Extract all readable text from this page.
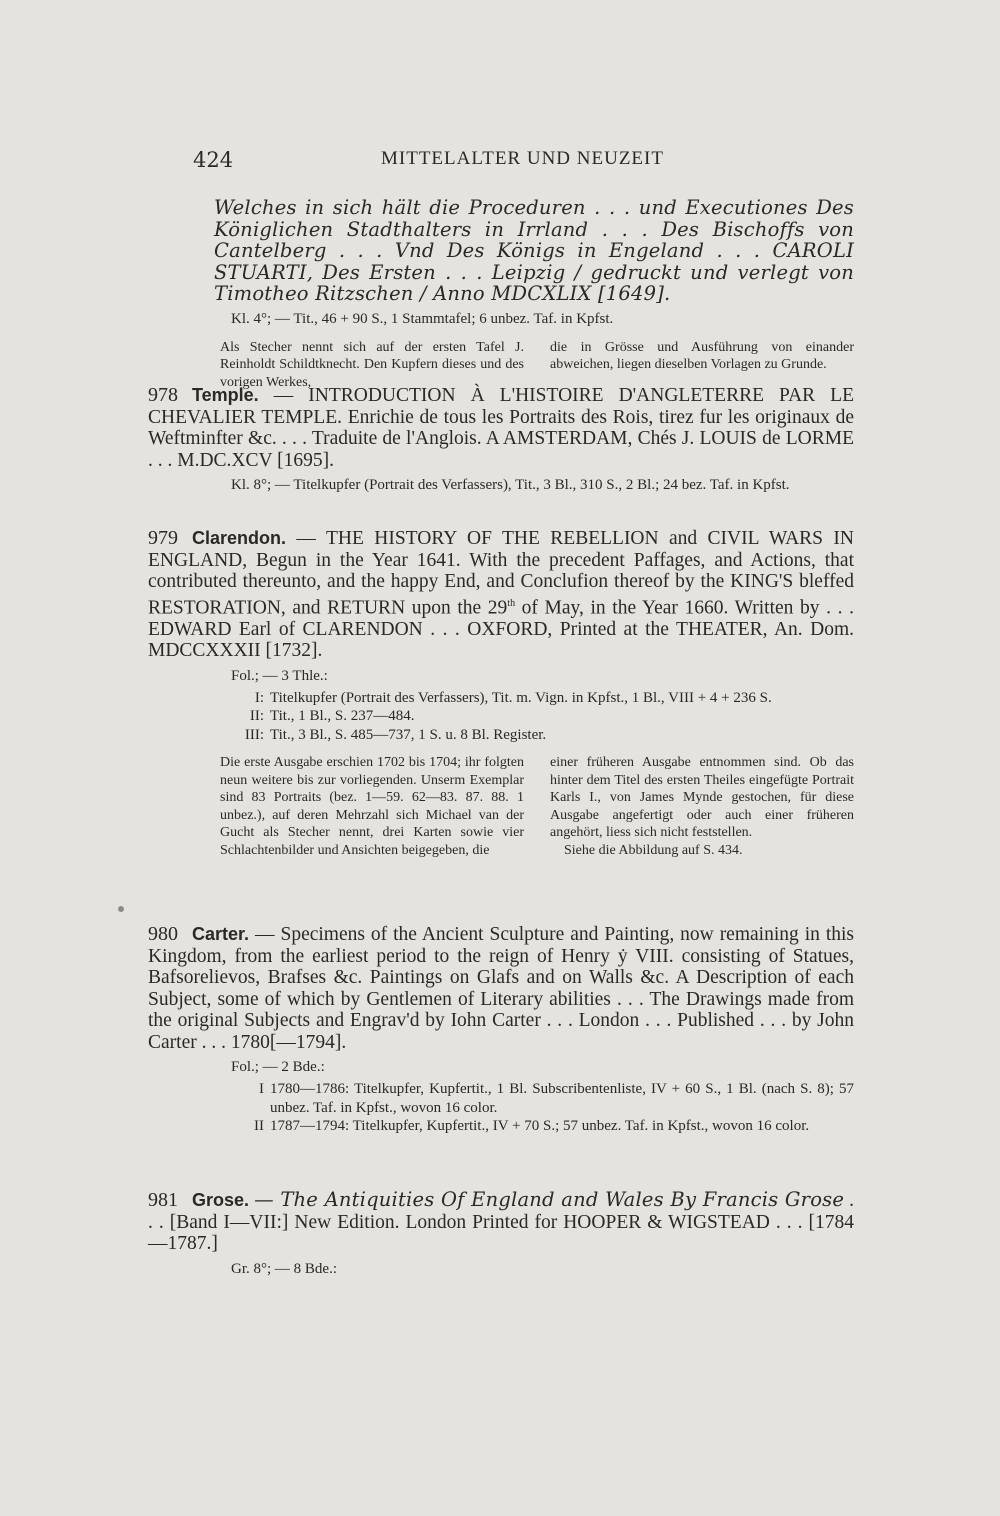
424	MITTELALTER UND NEUZEIT
Welches in sich hält die Proceduren . . . und Executiones Des Königlichen Stadthalters in Irrland . . . Des Bischoffs von Cantelberg . . . Vnd Des Königs in Engeland . . . CAROLI STUARTI, Des Ersten . . . Leipzig / gedruckt und verlegt von Timotheo Ritzschen / Anno MDCXLIX [1649].
Kl. 4°; — Tit., 46 + 90 S., 1 Stammtafel; 6 unbez. Taf. in Kpfst.
Als Stecher nennt sich auf der ersten Tafel J. Reinholdt Schildtknecht. Den Kupfern dieses und des vorigen Werkes,
die in Grösse und Ausführung von einander abweichen, liegen dieselben Vorlagen zu Grunde.
978 Temple. — INTRODUCTION À L'HISTOIRE D'ANGLETERRE PAR LE CHEVALIER TEMPLE. Enrichie de tous les Portraits des Rois, tirez fur les originaux de Weftminfter &c. . . . Traduite de l'Anglois. A AMSTERDAM, Chés J. LOUIS de LORME . . . M.DC.XCV [1695].
Kl. 8°; — Titelkupfer (Portrait des Verfassers), Tit., 3 Bl., 310 S., 2 Bl.; 24 bez. Taf. in Kpfst.
979 Clarendon. — THE HISTORY OF THE REBELLION and CIVIL WARS IN ENGLAND, Begun in the Year 1641. With the precedent Paffages, and Actions, that contributed thereunto, and the happy End, and Conclufion thereof by the KING'S bleffed RESTORATION, and RETURN upon the 29th of May, in the Year 1660. Written by . . . EDWARD Earl of CLARENDON . . . OXFORD, Printed at the THEATER, An. Dom. MDCCXXXII [1732].
Fol.; — 3 Thle.:
I: Titelkupfer (Portrait des Verfassers), Tit. m. Vign. in Kpfst., 1 Bl., VIII + 4 + 236 S.
II: Tit., 1 Bl., S. 237—484.
III: Tit., 3 Bl., S. 485—737, 1 S. u. 8 Bl. Register.
Die erste Ausgabe erschien 1702 bis 1704; ihr folgten neun weitere bis zur vorliegenden. Unserm Exemplar sind 83 Portraits (bez. 1—59. 62—83. 87. 88. 1 unbez.), auf deren Mehrzahl sich Michael van der Gucht als Stecher nennt, drei Karten sowie vier Schlachtenbilder und Ansichten beigegeben, die
einer früheren Ausgabe entnommen sind. Ob das hinter dem Titel des ersten Theiles eingefügte Portrait Karls I., von James Mynde gestochen, für diese Ausgabe angefertigt oder auch einer früheren angehört, liess sich nicht feststellen.
Siehe die Abbildung auf S. 434.
980 Carter. — Specimens of the Ancient Sculpture and Painting, now remaining in this Kingdom, from the earliest period to the reign of Henry ẏ VIII. consisting of Statues, Bafsorelievos, Brafses &c. Paintings on Glafs and on Walls &c. A Description of each Subject, some of which by Gentlemen of Literary abilities . . . The Drawings made from the original Subjects and Engrav'd by Iohn Carter . . . London . . . Published . . . by John Carter . . . 1780[—1794].
Fol.; — 2 Bde.:
I 1780—1786: Titelkupfer, Kupfertit., 1 Bl. Subscribentenliste, IV + 60 S., 1 Bl. (nach S. 8); 57 unbez. Taf. in Kpfst., wovon 16 color.
II 1787—1794: Titelkupfer, Kupfertit., IV + 70 S.; 57 unbez. Taf. in Kpfst., wovon 16 color.
981 Grose. — The Antiquities Of England and Wales By Francis Grose . . . [Band I—VII:] New Edition. London Printed for HOOPER & WIGSTEAD . . . [1784—1787.]
Gr. 8°; — 8 Bde.:
